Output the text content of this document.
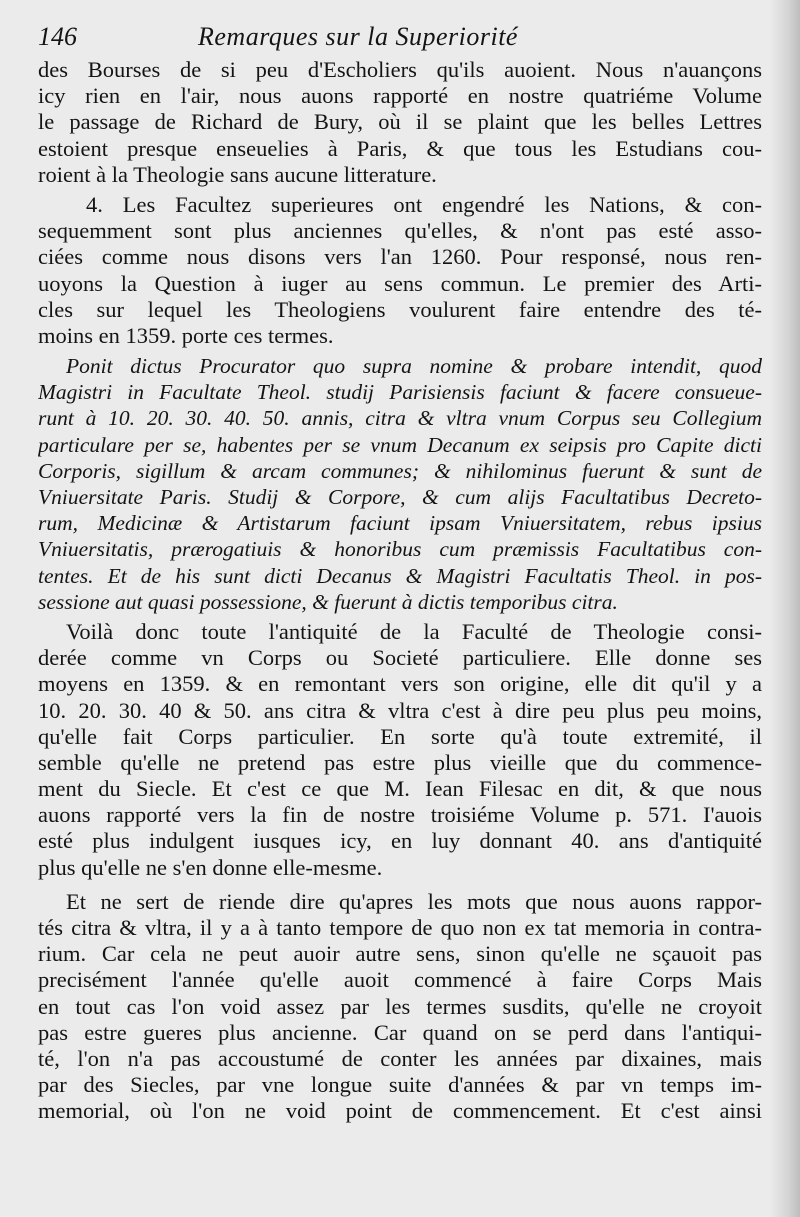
146	Remarques sur la Superiorité
des Bourses de si peu d'Escholiers qu'ils auoient. Nous n'auançons
icy rien en l'air, nous auons rapporté en nostre quatriéme Volume
le passage de Richard de Bury, où il se plaint que les belles Lettres
estoient presque enseuelies à Paris, & que tous les Estudians cou-
roient à la Theologie sans aucune litterature.
4. Les Facultez superieures ont engendré les Nations, & con-
sequemment sont plus anciennes qu'elles, & n'ont pas esté asso-
ciées comme nous disons vers l'an 1260. Pour responsé, nous ren-
uoyons la Question à iuger au sens commun. Le premier des Arti-
cles sur lequel les Theologiens voulurent faire entendre des té-
moins en 1359. porte ces termes.
Ponit dictus Procurator quo supra nomine & probare intendit, quod
Magistri in Facultate Theol. studij Parisiensis faciunt & facere consueue-
runt à 10. 20. 30. 40. 50. annis, citra & vltra vnum Corpus seu Collegium
particulare per se, habentes per se vnum Decanum ex seipsis pro Capite dicti
Corporis, sigillum & arcam communes; & nihilominus fuerunt & sunt de
Vniuersitate Paris. Studij & Corpore, & cum alijs Facultatibus Decreto-
rum, Medicinæ & Artistarum faciunt ipsam Vniuersitatem, rebus ipsius
Vniuersitatis, prærogatiuis & honoribus cum præmissis Facultatibus con-
tentes. Et de his sunt dicti Decanus & Magistri Facultatis Theol. in pos-
sessione aut quasi possessione, & fuerunt à dictis temporibus citra.
Voilà donc toute l'antiquité de la Faculté de Theologie consi-
derée comme vn Corps ou Societé particuliere. Elle donne ses
moyens en 1359. & en remontant vers son origine, elle dit qu'il y a
10. 20. 30. 40 & 50. ans citra & vltra c'est à dire peu plus peu moins,
qu'elle fait Corps particulier. En sorte qu'à toute extremité, il
semble qu'elle ne pretend pas estre plus vieille que du commence-
ment du Siecle. Et c'est ce que M. Iean Filesac en dit, & que nous
auons rapporté vers la fin de nostre troisiéme Volume p. 571. I'auois
esté plus indulgent iusques icy, en luy donnant 40. ans d'antiquité
plus qu'elle ne s'en donne elle-mesme.
Et ne sert de riende dire qu'apres les mots que nous auons rappor-
tés citra & vltra, il y a à tanto tempore de quo non ex tat memoria in contra-
rium. Car cela ne peut auoir autre sens, sinon qu'elle ne sçauoit pas
precisément l'année qu'elle auoit commencé à faire Corps Mais
en tout cas l'on void assez par les termes susdits, qu'elle ne croyoit
pas estre gueres plus ancienne. Car quand on se perd dans l'antiqui-
té, l'on n'a pas accoustumé de conter les années par dixaines, mais
par des Siecles, par vne longue suite d'années & par vn temps im-
memorial, où l'on ne void point de commencement. Et c'est ainsi
